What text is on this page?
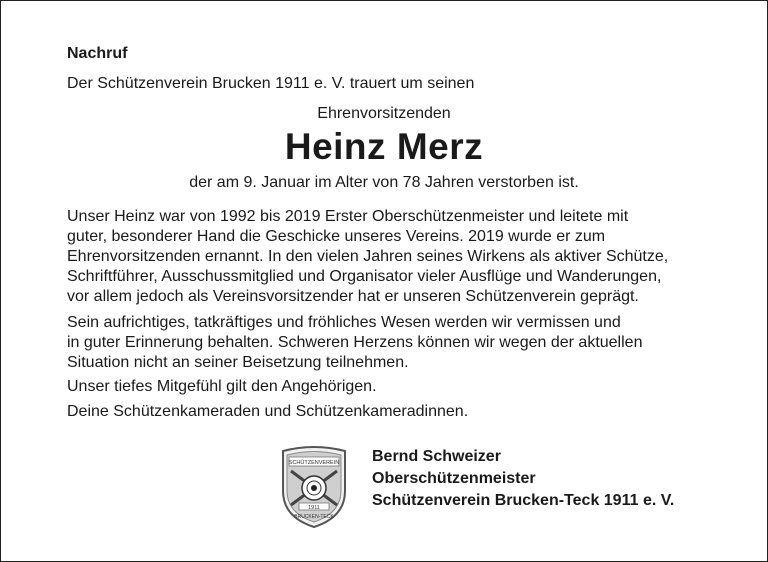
Nachruf
Der Schützenverein Brucken 1911 e. V. trauert um seinen
Ehrenvorsitzenden
Heinz Merz
der am 9. Januar im Alter von 78 Jahren verstorben ist.
Unser Heinz war von 1992 bis 2019 Erster Oberschützenmeister und leitete mit
guter, besonderer Hand die Geschicke unseres Vereins. 2019 wurde er zum
Ehrenvorsitzenden ernannt. In den vielen Jahren seines Wirkens als aktiver Schütze,
Schriftführer, Ausschussmitglied und Organisator vieler Ausflüge und Wanderungen,
vor allem jedoch als Vereinsvorsitzender hat er unseren Schützenverein geprägt.
Sein aufrichtiges, tatkräftiges und fröhliches Wesen werden wir vermissen und
in guter Erinnerung behalten. Schweren Herzens können wir wegen der aktuellen
Situation nicht an seiner Beisetzung teilnehmen.
Unser tiefes Mitgefühl gilt den Angehörigen.
Deine Schützenkameraden und Schützenkameradinnen.
SCHÜTZENVEREIN
1911
BRUCKEN-TECK
Bernd Schweizer
Oberschützenmeister
Schützenverein Brucken-Teck 1911 e. V.
